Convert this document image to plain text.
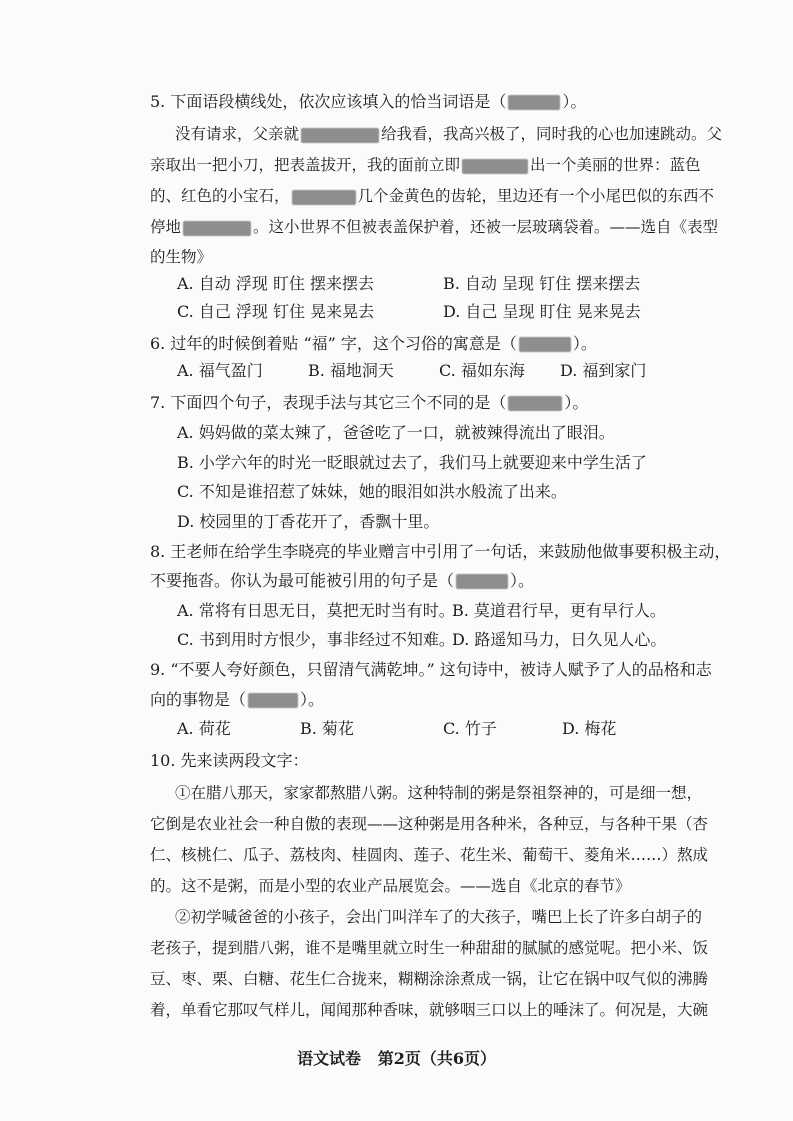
5. 下面语段横线处，依次应该填入的恰当词语是（	）。
没有请求，父亲就	给我看，我高兴极了，同时我的心也加速跳动。父
亲取出一把小刀，把表盖拔开，我的面前立即	出一个美丽的世界：蓝色
的、红色的小宝石，	几个金黄色的齿轮，里边还有一个小尾巴似的东西不
停地	。这小世界不但被表盖保护着，还被一层玻璃袋着。——选自《表型
的生物》
A. 自动 浮现 盯住 摆来摆去	B. 自动 呈现 钉住 摆来摆去
C. 自己 浮现 钉住 晃来晃去	D. 自己 呈现 盯住 晃来晃去
6. 过年的时候倒着贴 “福” 字，这个习俗的寓意是（	）。
A. 福气盈门	B. 福地洞天	C. 福如东海 D. 福到家门
7. 下面四个句子，表现手法与其它三个不同的是（	）。
A. 妈妈做的菜太辣了，爸爸吃了一口，就被辣得流出了眼泪。
B. 小学六年的时光一眨眼就过去了，我们马上就要迎来中学生活了
C. 不知是谁招惹了妹妹，她的眼泪如洪水般流了出来。
D. 校园里的丁香花开了，香飘十里。
8. 王老师在给学生李晓亮的毕业赠言中引用了一句话，来鼓励他做事要积极主动，
不要拖沓。你认为最可能被引用的句子是（	）。
A. 常将有日思无日，莫把无时当有时。
B. 莫道君行早，更有早行人。
C. 书到用时方恨少，事非经过不知难。
D. 路遥知马力，日久见人心。
9. “不要人夸好颜色，只留清气满乾坤。” 这句诗中，被诗人赋予了人的品格和志
向的事物是（	）。
A. 荷花	B. 菊花	C. 竹子	D. 梅花
10. 先来读两段文字：
①在腊八那天，家家都熬腊八粥。这种特制的粥是祭祖祭神的，可是细一想，
它倒是农业社会一种自傲的表现——这种粥是用各种米，各种豆，与各种干果（杏
仁、核桃仁、瓜子、荔枝肉、桂圆肉、莲子、花生米、葡萄干、菱角米……）熬成
的。这不是粥，而是小型的农业产品展览会。——选自《北京的春节》
②初学喊爸爸的小孩子，会出门叫洋车了的大孩子，嘴巴上长了许多白胡子的
老孩子，提到腊八粥，谁不是嘴里就立时生一种甜甜的腻腻的感觉呢。把小米、饭
豆、枣、栗、白糖、花生仁合拢来，糊糊涂涂煮成一锅，让它在锅中叹气似的沸腾
着，单看它那叹气样儿，闻闻那种香味，就够咽三口以上的唾沫了。何况是，大碗
语文试卷   第2页（共6页）
